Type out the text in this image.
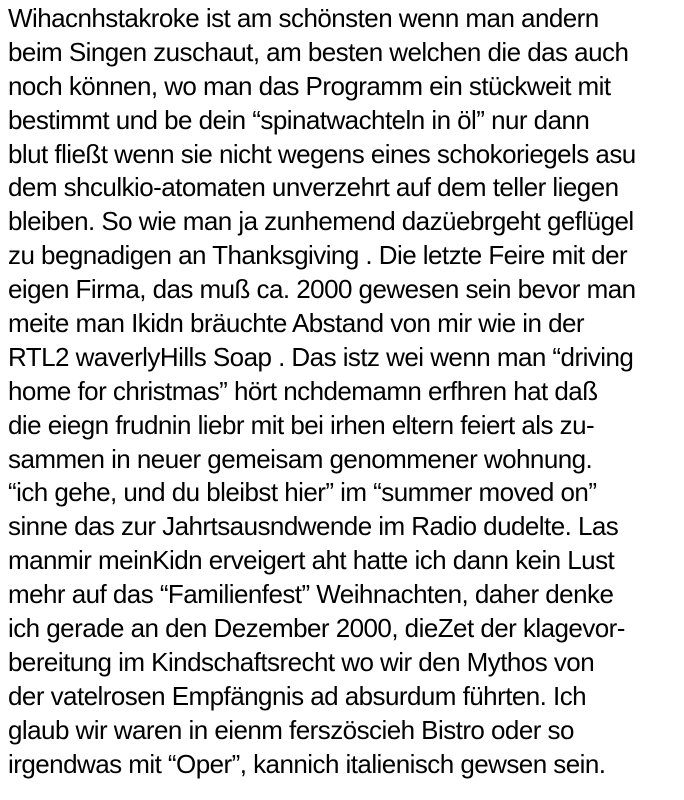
Wihacnhstakroke ist am schönsten wenn man andern
beim Singen zuschaut, am besten welchen die das auch
noch können, wo man das Programm ein stückweit mit
bestimmt und be dein “spinatwachteln in öl” nur dann
blut fließt wenn sie nicht wegens eines schokoriegels asu
dem shculkio-atomaten unverzehrt auf dem teller liegen
bleiben. So wie man ja zunhemend dazüebrgeht geflügel
zu begnadigen an Thanksgiving . Die letzte Feire mit der
eigen Firma, das muß ca. 2000 gewesen sein bevor man
meite man Ikidn bräuchte Abstand von mir wie in der
RTL2 waverlyHills Soap . Das istz wei wenn man “driving
home for christmas” hört nchdemamn erfhren hat daß
die eiegn frudnin liebr mit bei irhen eltern feiert als zu-
sammen in neuer gemeisam genommener wohnung.
“ich gehe, und du bleibst hier” im “summer moved on”
sinne das zur Jahrtsausndwende im Radio dudelte. Las
manmir meinKidn erveigert aht hatte ich dann kein Lust
mehr auf das “Familienfest” Weihnachten, daher denke
ich gerade an den Dezember 2000, dieZet der klagevor-
bereitung im Kindschaftsrecht wo wir den Mythos von
der vatelrosen Empfängnis ad absurdum führten. Ich
glaub wir waren in eienm ferszöscieh Bistro oder so
irgendwas mit “Oper”, kannich italienisch gewsen sein.
